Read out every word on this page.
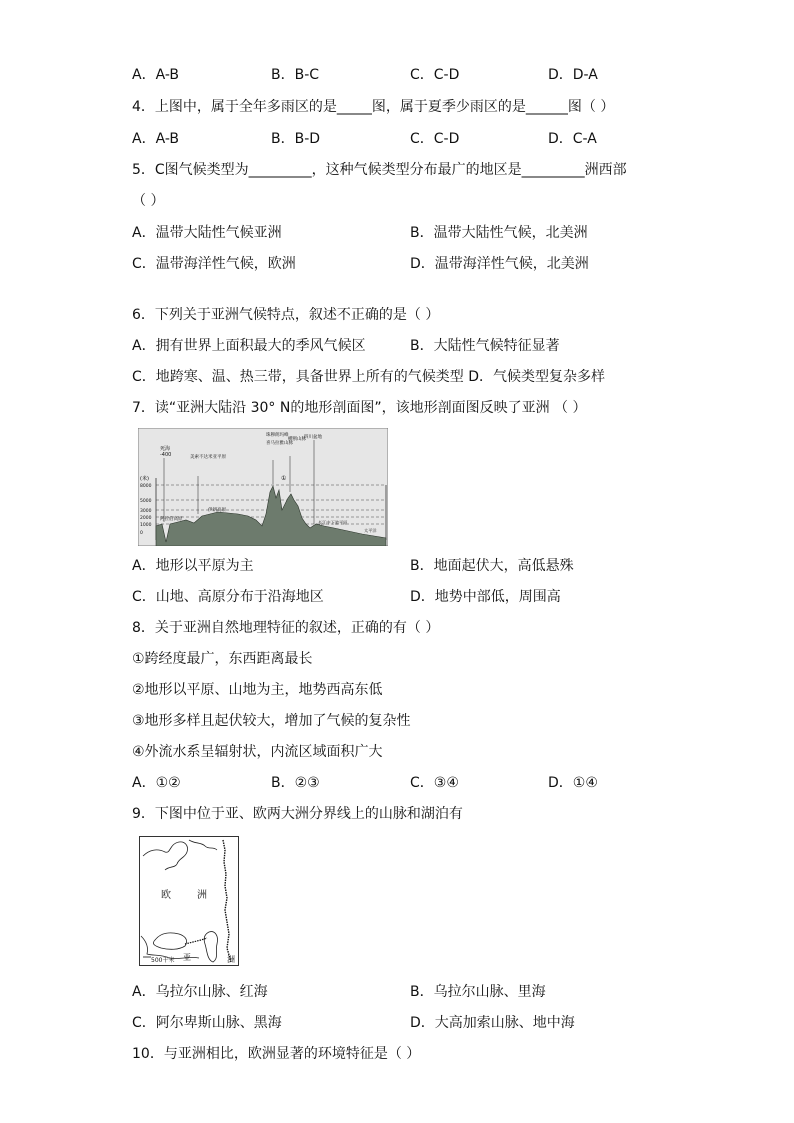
A．A-B	B．B-C	C．C-D	D．D-A
4．上图中，属于全年多雨区的是_____图，属于夏季少雨区的是______图（ ）
A．A-B	B．B-D	C．C-D	D．C-A
5．C图气候类型为_________，这种气候类型分布最广的地区是_________洲西部
（ ）
A．温带大陆性气候亚洲	B．温带大陆性气候，北美洲
C．温带海洋性气候，欧洲	D．温带海洋性气候，北美洲
6．下列关于亚洲气候特点，叙述不正确的是（ ）
A．拥有世界上面积最大的季风气候区	B．大陆性气候特征显著
C．地跨寒、温、热三带，具备世界上所有的气候类型 D．气候类型复杂多样
7．读“亚洲大陆沿 30° N的地形剖面图”，该地形剖面图反映了亚洲 （ ）
(米)
8000
5000
3000
2000
1000
0
死海
-400	美索不达米亚平原
珠穆朗玛峰
喜马拉雅山脉
横断山脉
四川盆地
①
阿拉伯高原
伊朗高原
长江中下游平原
太平洋
A．地形以平原为主	B．地面起伏大，高低悬殊
C．山地、高原分布于沿海地区	D．地势中部低，周围高
8．关于亚洲自然地理特征的叙述，正确的有（ ）
①跨经度最广，东西距离最长
②地形以平原、山地为主，地势西高东低
③地形多样且起伏较大，增加了气候的复杂性
④外流水系呈辐射状，内流区域面积广大
A．①②	B．②③	C．③④	D．①④
9．下图中位于亚、欧两大洲分界线上的山脉和湖泊有
欧	洲
亚	洲
500千米
A．乌拉尔山脉、红海	B．乌拉尔山脉、里海
C．阿尔卑斯山脉、黑海	D．大高加索山脉、地中海
10．与亚洲相比，欧洲显著的环境特征是（ ）
